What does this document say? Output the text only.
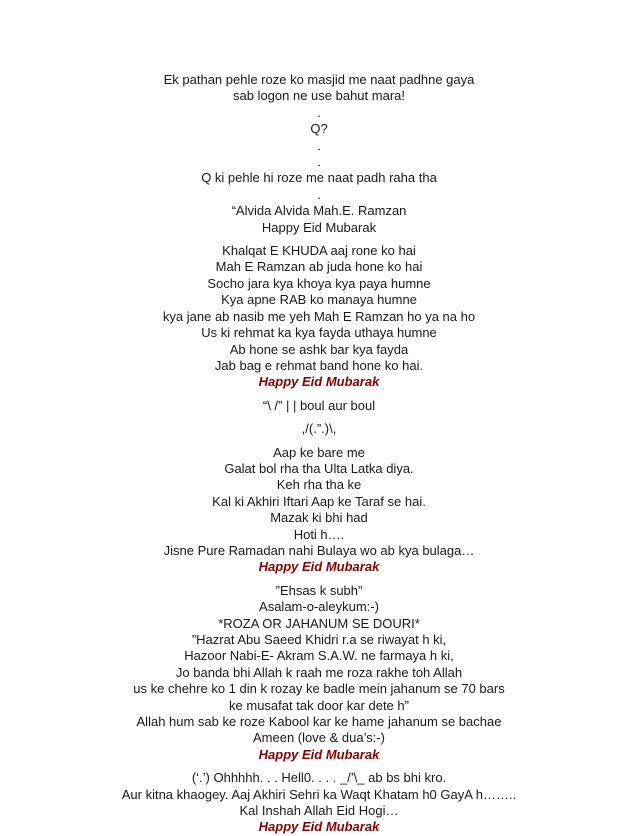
Ek pathan pehle roze ko masjid me naat padhne gaya
sab logon ne use bahut mara!
.
Q?
.
.
Q ki pehle hi roze me naat padh raha tha
.
“Alvida Alvida Mah.E. Ramzan
Happy Eid Mubarak
Khalqat E KHUDA aaj rone ko hai
Mah E Ramzan ab juda hone ko hai
Socho jara kya khoya kya paya humne
Kya apne RAB ko manaya humne
kya jane ab nasib me yeh Mah E Ramzan ho ya na ho
Us ki rehmat ka kya fayda uthaya humne
Ab hone se ashk bar kya fayda
Jab bag e rehmat band hone ko hai.
Happy Eid Mubarak
“\ /” | | boul aur boul
,/(.”.)\,
Aap ke bare me
Galat bol rha tha Ulta Latka diya.
Keh rha tha ke
Kal ki Akhiri Iftari Aap ke Taraf se hai.
Mazak ki bhi had
Hoti h….
Jisne Pure Ramadan nahi Bulaya wo ab kya bulaga…
Happy Eid Mubarak
”Ehsas k subh”
Asalam-o-aleykum:-)
*ROZA OR JAHANUM SE DOURI*
”Hazrat Abu Saeed Khidri r.a se riwayat h ki,
Hazoor Nabi-E- Akram S.A.W. ne farmaya h ki,
Jo banda bhi Allah k raah me roza rakhe toh Allah
us ke chehre ko 1 din k rozay ke badle mein jahanum se 70 bars
ke musafat tak door kar dete h”
Allah hum sab ke roze Kabool kar ke hame jahanum se bachae
Ameen (love & dua’s:-)
Happy Eid Mubarak
(‘.’) Ohhhhh. . . Hell0. . . . _/’\_ ab bs bhi kro.
Aur kitna khaogey. Aaj Akhiri Sehri ka Waqt Khatam h0 GayA h……..
Kal Inshah Allah Eid Hogi…
Happy Eid Mubarak
